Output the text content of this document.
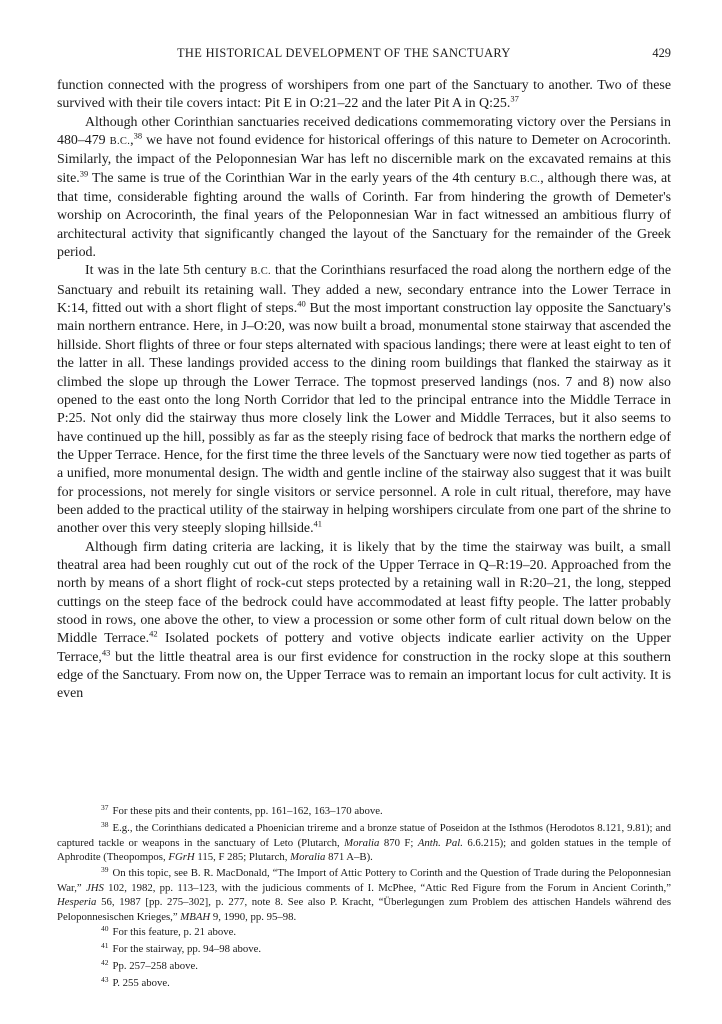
THE HISTORICAL DEVELOPMENT OF THE SANCTUARY	429

function connected with the progress of worshipers from one part of the Sanctuary to another. Two of these survived with their tile covers intact: Pit E in O:21–22 and the later Pit A in Q:25.37

Although other Corinthian sanctuaries received dedications commemorating victory over the Persians in 480–479 B.C.,$^{38}$ we have not found evidence for historical offerings of this nature to Demeter on Acrocorinth. Similarly, the impact of the Peloponnesian War has left no discernible mark on the excavated remains at this site.$^{39}$ The same is true of the Corinthian War in the early years of the 4th century B.C., although there was, at that time, considerable fighting around the walls of Corinth. Far from hindering the growth of Demeter's worship on Acrocorinth, the final years of the Peloponnesian War in fact witnessed an ambitious flurry of architectural activity that significantly changed the layout of the Sanctuary for the remainder of the Greek period.

It was in the late 5th century B.C. that the Corinthians resurfaced the road along the northern edge of the Sanctuary and rebuilt its retaining wall. They added a new, secondary entrance into the Lower Terrace in K:14, fitted out with a short flight of steps.$^{40}$ But the most important construction lay opposite the Sanctuary's main northern entrance. Here, in J–O:20, was now built a broad, monumental stone stairway that ascended the hillside. Short flights of three or four steps alternated with spacious landings; there were at least eight to ten of the latter in all. These landings provided access to the dining room buildings that flanked the stairway as it climbed the slope up through the Lower Terrace. The topmost preserved landings (nos. 7 and 8) now also opened to the east onto the long North Corridor that led to the principal entrance into the Middle Terrace in P:25. Not only did the stairway thus more closely link the Lower and Middle Terraces, but it also seems to have continued up the hill, possibly as far as the steeply rising face of bedrock that marks the northern edge of the Upper Terrace. Hence, for the first time the three levels of the Sanctuary were now tied together as parts of a unified, more monumental design. The width and gentle incline of the stairway also suggest that it was built for processions, not merely for single visitors or service personnel. A role in cult ritual, therefore, may have been added to the practical utility of the stairway in helping worshipers circulate from one part of the shrine to another over this very steeply sloping hillside.$^{41}$

Although firm dating criteria are lacking, it is likely that by the time the stairway was built, a small theatral area had been roughly cut out of the rock of the Upper Terrace in Q–R:19–20. Approached from the north by means of a short flight of rock-cut steps protected by a retaining wall in R:20–21, the long, stepped cuttings on the steep face of the bedrock could have accommodated at least fifty people. The latter probably stood in rows, one above the other, to view a procession or some other form of cult ritual down below on the Middle Terrace.$^{42}$ Isolated pockets of pottery and votive objects indicate earlier activity on the Upper Terrace,$^{43}$ but the little theatral area is our first evidence for construction in the rocky slope at this southern edge of the Sanctuary. From now on, the Upper Terrace was to remain an important locus for cult activity. It is even

37 For these pits and their contents, pp. 161–162, 163–170 above.

38 E.g., the Corinthians dedicated a Phoenician trireme and a bronze statue of Poseidon at the Isthmos (Herodotos 8.121, 9.81); and captured tackle or weapons in the sanctuary of Leto (Plutarch, Moralia 870 F; Anth. Pal. 6.6.215); and golden statues in the temple of Aphrodite (Theopompos, FGrH 115, F 285; Plutarch, Moralia 871 A–B).

39 On this topic, see B. R. MacDonald, “The Import of Attic Pottery to Corinth and the Question of Trade during the Peloponnesian War,” JHS 102, 1982, pp. 113–123, with the judicious comments of I. McPhee, “Attic Red Figure from the Forum in Ancient Corinth,” Hesperia 56, 1987 [pp. 275–302], p. 277, note 8. See also P. Kracht, “Überlegungen zum Problem des attischen Handels während des Peloponnesischen Krieges,” MBAH 9, 1990, pp. 95–98.

40 For this feature, p. 21 above.

41 For the stairway, pp. 94–98 above.

42 Pp. 257–258 above.

43 P. 255 above.
